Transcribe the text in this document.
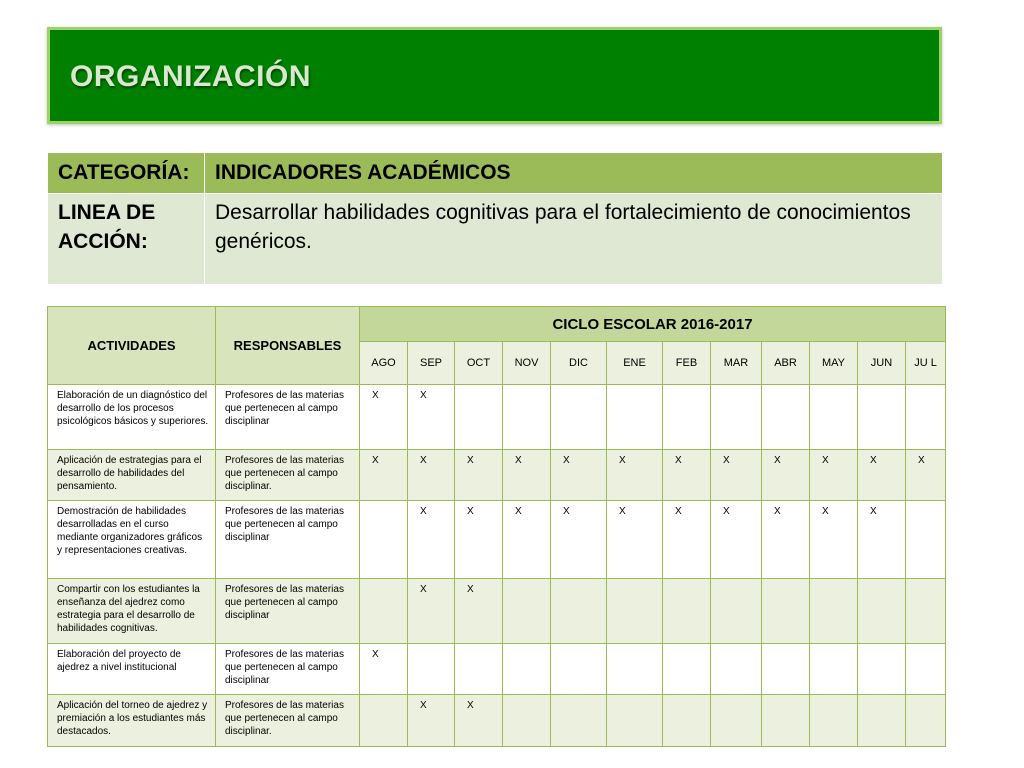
ORGANIZACIÓN
CATEGORÍA:	INDICADORES ACADÉMICOS
LINEA DE ACCIÓN:	Desarrollar habilidades cognitivas para el fortalecimiento de conocimientos genéricos.
ACTIVIDADES	RESPONSABLES	CICLO ESCOLAR 2016-2017											
		AGO	SEP	OCT	NOV	DIC	ENE	FEB	MAR	ABR	MAY	JUN	JU L
Elaboración de un diagnóstico del desarrollo de los procesos psicológicos básicos y superiores.	Profesores de las materias que pertenecen al campo disciplinar	X	X										
Aplicación de estrategias para el desarrollo de habilidades del pensamiento.	Profesores de las materias que pertenecen al campo disciplinar.	X	X	X	X	X	X	X	X	X	X	X	X
Demostración de habilidades desarrolladas en el curso mediante organizadores gráficos y representaciones creativas.	Profesores de las materias que pertenecen al campo disciplinar		X	X	X	X	X	X	X	X	X	X	
Compartir con los estudiantes la enseñanza del ajedrez como estrategia para el desarrollo de habilidades cognitivas.	Profesores de las materias que pertenecen al campo disciplinar		X	X									
Elaboración del proyecto de ajedrez a nivel institucional	Profesores de las materias que pertenecen al campo disciplinar	X											
Aplicación del torneo de ajedrez y premiación a los estudiantes más destacados.	Profesores de las materias que pertenecen al campo disciplinar.		X	X									
